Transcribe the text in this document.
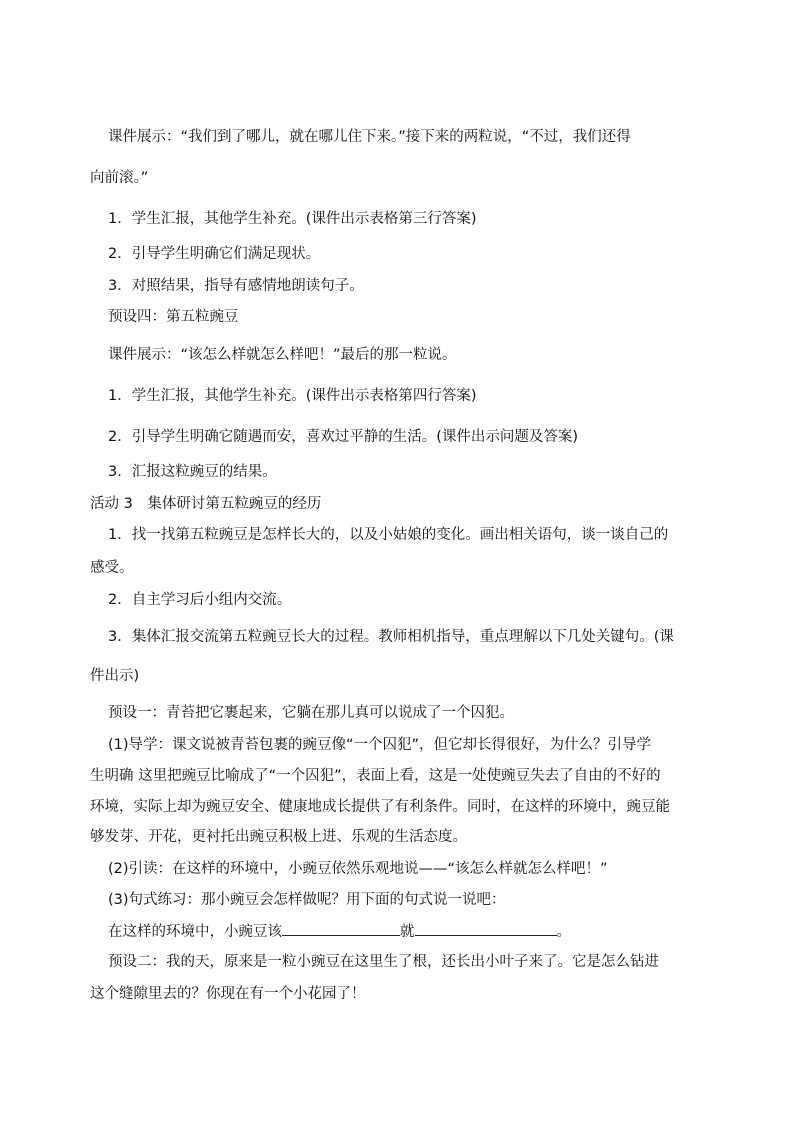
课件展示：“我们到了哪儿，就在哪儿住下来。”接下来的两粒说，“不过，我们还得
向前滚。”
1．学生汇报，其他学生补充。(课件出示表格第三行答案)
2．引导学生明确它们满足现状。
3．对照结果，指导有感情地朗读句子。
预设四：第五粒豌豆
课件展示：“该怎么样就怎么样吧！”最后的那一粒说。
1．学生汇报，其他学生补充。(课件出示表格第四行答案)
2．引导学生明确它随遇而安，喜欢过平静的生活。(课件出示问题及答案)
3．汇报这粒豌豆的结果。
活动 3　集体研讨第五粒豌豆的经历
1．找一找第五粒豌豆是怎样长大的，以及小姑娘的变化。画出相关语句，谈一谈自己的
感受。
2．自主学习后小组内交流。
3．集体汇报交流第五粒豌豆长大的过程。教师相机指导，重点理解以下几处关键句。(课
件出示)
预设一：青苔把它裹起来，它躺在那儿真可以说成了一个囚犯。
(1)导学：课文说被青苔包裹的豌豆像“一个囚犯”，但它却长得很好，为什么？引导学
生明确 这里把豌豆比喻成了“一个囚犯”，表面上看，这是一处使豌豆失去了自由的不好的
环境，实际上却为豌豆安全、健康地成长提供了有利条件。同时，在这样的环境中，豌豆能
够发芽、开花，更衬托出豌豆积极上进、乐观的生活态度。
(2)引读：在这样的环境中，小豌豆依然乐观地说——“该怎么样就怎么样吧！”
(3)句式练习：那小豌豆会怎样做呢？用下面的句式说一说吧：
在这样的环境中，小豌豆该	就	。
预设二：我的天，原来是一粒小豌豆在这里生了根，还长出小叶子来了。它是怎么钻进
这个缝隙里去的？你现在有一个小花园了！
